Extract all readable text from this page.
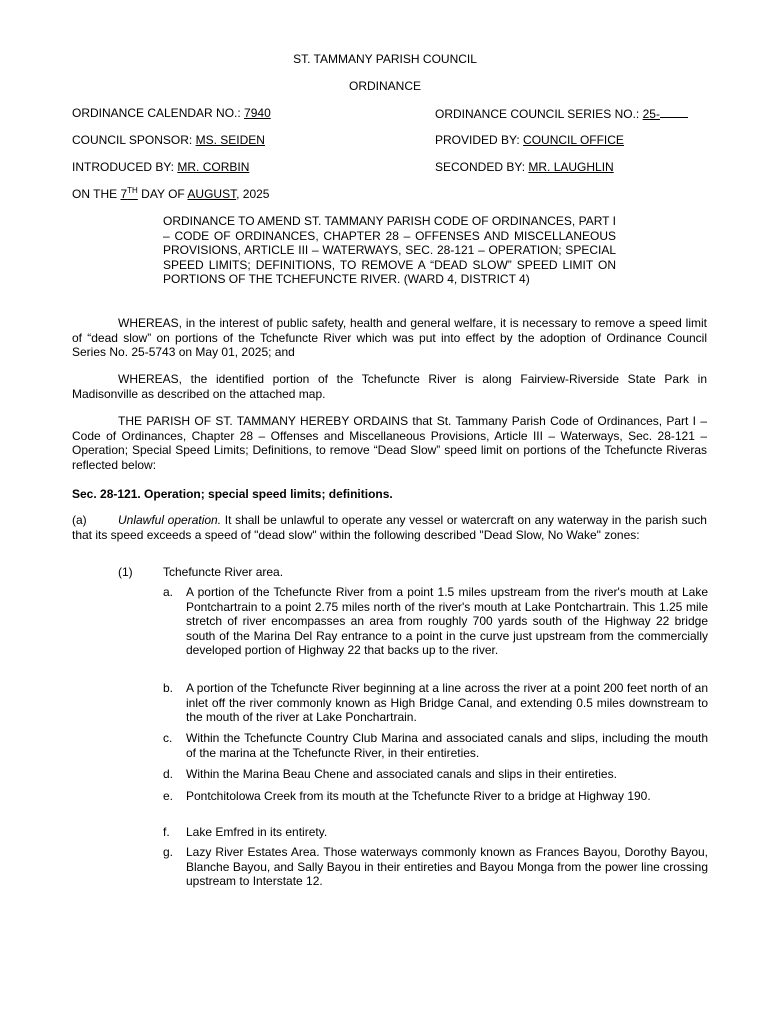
ST. TAMMANY PARISH COUNCIL
ORDINANCE
ORDINANCE CALENDAR NO.: 7940	ORDINANCE COUNCIL SERIES NO.: 25-
COUNCIL SPONSOR: MS. SEIDEN	PROVIDED BY: COUNCIL OFFICE
INTRODUCED BY: MR. CORBIN	SECONDED BY: MR. LAUGHLIN
ON THE 7TH DAY OF AUGUST, 2025
ORDINANCE TO AMEND ST. TAMMANY PARISH CODE OF ORDINANCES, PART I – CODE OF ORDINANCES, CHAPTER 28 – OFFENSES AND MISCELLANEOUS PROVISIONS, ARTICLE III – WATERWAYS, SEC. 28-121 – OPERATION; SPECIAL SPEED LIMITS; DEFINITIONS, TO REMOVE A “DEAD SLOW” SPEED LIMIT ON PORTIONS OF THE TCHEFUNCTE RIVER. (WARD 4, DISTRICT 4)
WHEREAS, in the interest of public safety, health and general welfare, it is necessary to remove a speed limit of “dead slow” on portions of the Tchefuncte River which was put into effect by the adoption of Ordinance Council Series No. 25-5743 on May 01, 2025; and
WHEREAS, the identified portion of the Tchefuncte River is along Fairview-Riverside State Park in Madisonville as described on the attached map.
THE PARISH OF ST. TAMMANY HEREBY ORDAINS that St. Tammany Parish Code of Ordinances, Part I – Code of Ordinances, Chapter 28 – Offenses and Miscellaneous Provisions, Article III – Waterways, Sec. 28-121 – Operation; Special Speed Limits; Definitions, to remove “Dead Slow” speed limit on portions of the Tchefuncte Riveras reflected below:
Sec. 28-121. Operation; special speed limits; definitions.
(a)	Unlawful operation. It shall be unlawful to operate any vessel or watercraft on any waterway in the parish such that its speed exceeds a speed of "dead slow" within the following described "Dead Slow, No Wake" zones:
(1)	Tchefuncte River area.
a. A portion of the Tchefuncte River from a point 1.5 miles upstream from the river's mouth at Lake Pontchartrain to a point 2.75 miles north of the river's mouth at Lake Pontchartrain. This 1.25 mile stretch of river encompasses an area from roughly 700 yards south of the Highway 22 bridge south of the Marina Del Ray entrance to a point in the curve just upstream from the commercially developed portion of Highway 22 that backs up to the river.
b. A portion of the Tchefuncte River beginning at a line across the river at a point 200 feet north of an inlet off the river commonly known as High Bridge Canal, and extending 0.5 miles downstream to the mouth of the river at Lake Ponchartrain.
c. Within the Tchefuncte Country Club Marina and associated canals and slips, including the mouth of the marina at the Tchefuncte River, in their entireties.
d. Within the Marina Beau Chene and associated canals and slips in their entireties.
e. Pontchitolowa Creek from its mouth at the Tchefuncte River to a bridge at Highway 190.
f. Lake Emfred in its entirety.
g. Lazy River Estates Area. Those waterways commonly known as Frances Bayou, Dorothy Bayou, Blanche Bayou, and Sally Bayou in their entireties and Bayou Monga from the power line crossing upstream to Interstate 12.
